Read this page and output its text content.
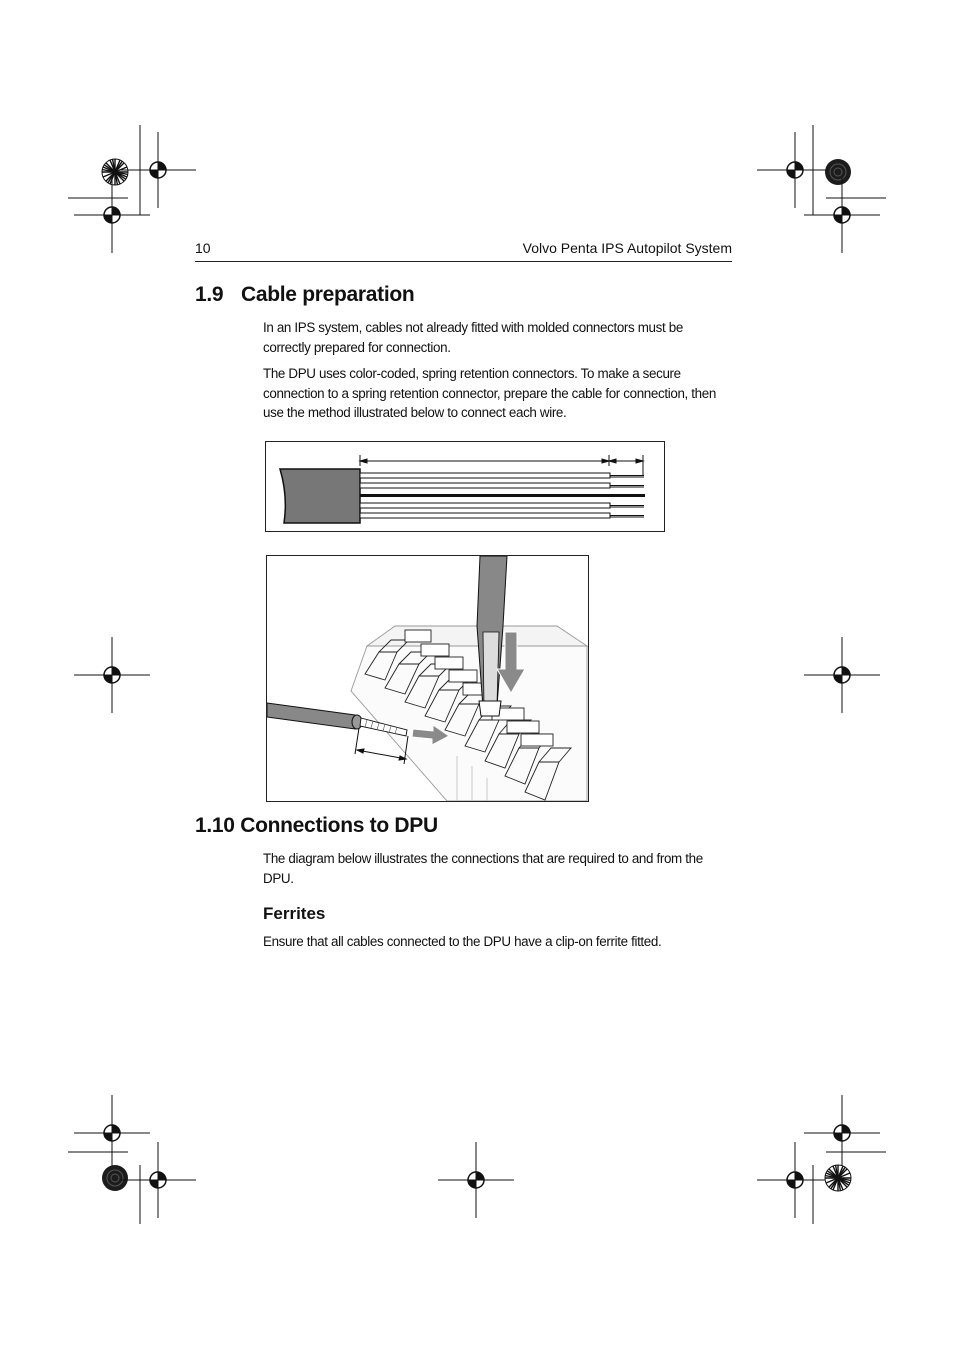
10	Volvo Penta IPS Autopilot System
1.9 Cable preparation

In an IPS system, cables not already fitted with molded connectors must be correctly prepared for connection.

The DPU uses color-coded, spring retention connectors. To make a secure connection to a spring retention connector, prepare the cable for connection, then use the method illustrated below to connect each wire.

1.10 Connections to DPU

The diagram below illustrates the connections that are required to and from the DPU.

Ferrites

Ensure that all cables connected to the DPU have a clip-on ferrite fitted.
